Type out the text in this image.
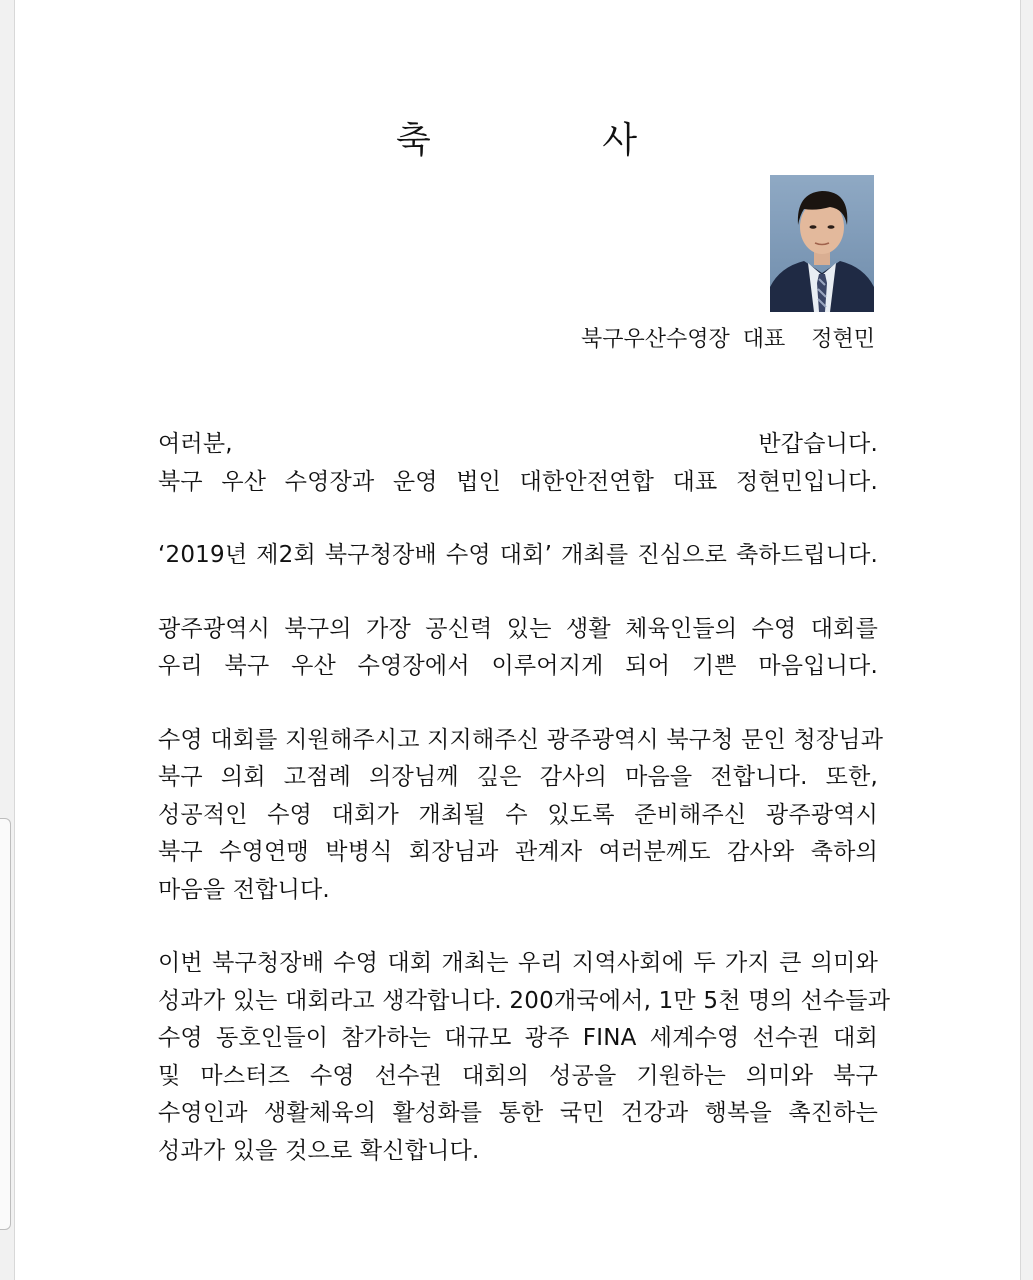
축 사
북구우산수영장 대표  정현민
여러분, 반갑습니다.
북구 우산 수영장과 운영 법인 대한안전연합 대표 정현민입니다.
‘2019년 제2회 북구청장배 수영 대회’ 개최를 진심으로 축하드립니다.
광주광역시 북구의 가장 공신력 있는 생활 체육인들의 수영 대회를
우리 북구 우산 수영장에서 이루어지게 되어 기쁜 마음입니다.
수영 대회를 지원해주시고 지지해주신 광주광역시 북구청 문인 청장님과
북구 의회 고점례 의장님께 깊은 감사의 마음을 전합니다. 또한,
성공적인 수영 대회가 개최될 수 있도록 준비해주신 광주광역시
북구 수영연맹 박병식 회장님과 관계자 여러분께도 감사와 축하의
마음을 전합니다.
이번 북구청장배 수영 대회 개최는 우리 지역사회에 두 가지 큰 의미와
성과가 있는 대회라고 생각합니다. 200개국에서, 1만 5천 명의 선수들과
수영 동호인들이 참가하는 대규모 광주 FINA 세계수영 선수권 대회
및 마스터즈 수영 선수권 대회의 성공을 기원하는 의미와 북구
수영인과 생활체육의 활성화를 통한 국민 건강과 행복을 촉진하는
성과가 있을 것으로 확신합니다.
